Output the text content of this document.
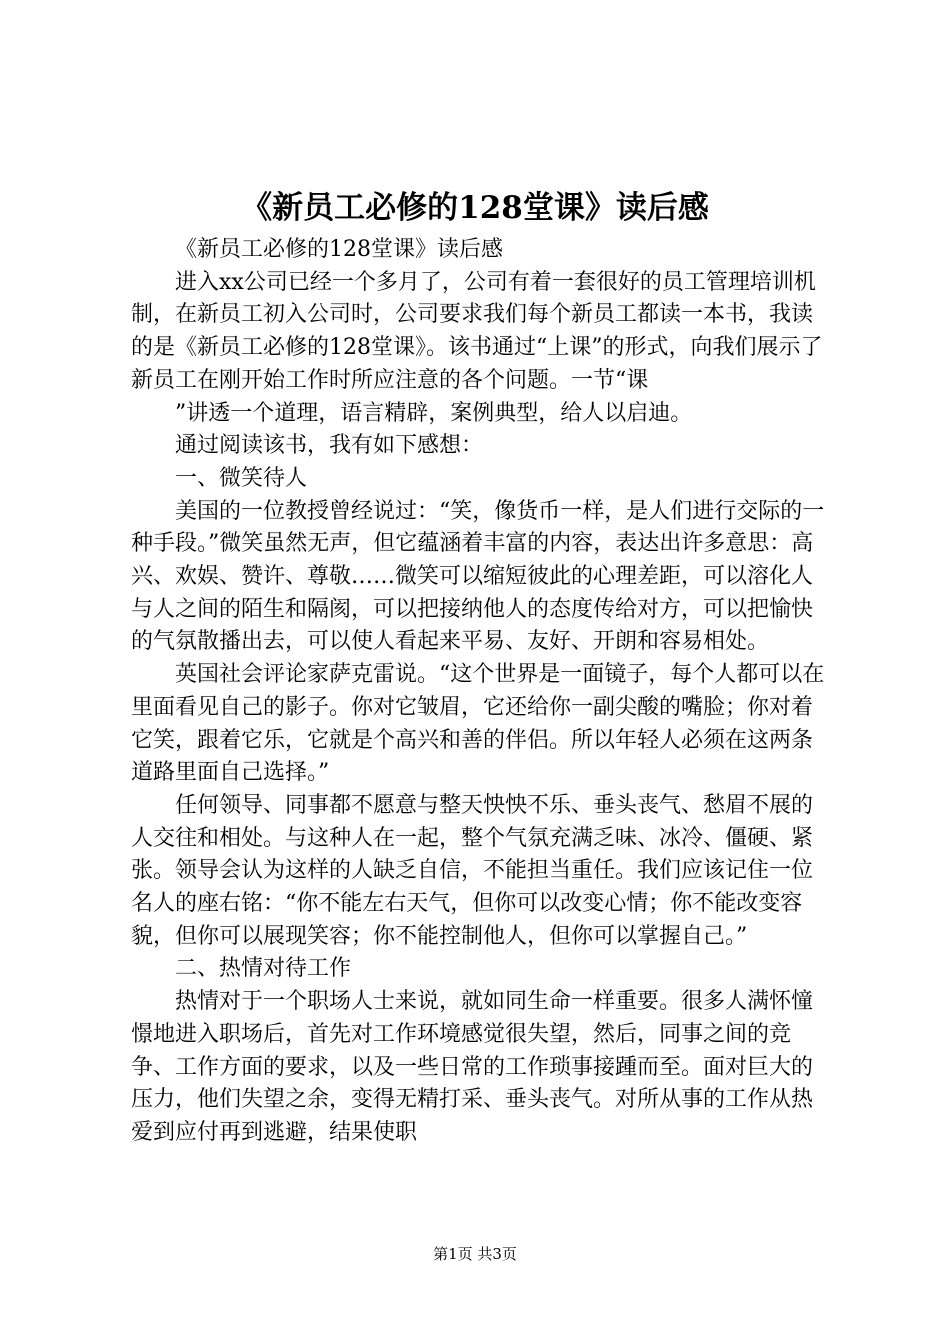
《新员工必修的128堂课》读后感

《新员工必修的128堂课》读后感

进入xx公司已经一个多月了，公司有着一套很好的员工管理培训机制，在新员工初入公司时，公司要求我们每个新员工都读一本书，我读的是《新员工必修的128堂课》。该书通过“上课”的形式，向我们展示了新员工在刚开始工作时所应注意的各个问题。一节“课

”讲透一个道理，语言精辟，案例典型，给人以启迪。

通过阅读该书，我有如下感想：

一、微笑待人

美国的一位教授曾经说过：“笑，像货币一样，是人们进行交际的一种手段。”微笑虽然无声，但它蕴涵着丰富的内容，表达出许多意思：高兴、欢娱、赞许、尊敬……微笑可以缩短彼此的心理差距，可以溶化人与人之间的陌生和隔阂，可以把接纳他人的态度传给对方，可以把愉快的气氛散播出去，可以使人看起来平易、友好、开朗和容易相处。

英国社会评论家萨克雷说。“这个世界是一面镜子，每个人都可以在里面看见自己的影子。你对它皱眉，它还给你一副尖酸的嘴脸；你对着它笑，跟着它乐，它就是个高兴和善的伴侣。所以年轻人必须在这两条道路里面自己选择。”

任何领导、同事都不愿意与整天怏怏不乐、垂头丧气、愁眉不展的人交往和相处。与这种人在一起，整个气氛充满乏味、冰冷、僵硬、紧张。领导会认为这样的人缺乏自信，不能担当重任。我们应该记住一位名人的座右铭：“你不能左右天气，但你可以改变心情；你不能改变容貌，但你可以展现笑容；你不能控制他人，但你可以掌握自己。”

二、热情对待工作

热情对于一个职场人士来说，就如同生命一样重要。很多人满怀憧憬地进入职场后，首先对工作环境感觉很失望，然后，同事之间的竞争、工作方面的要求，以及一些日常的工作琐事接踵而至。面对巨大的压力，他们失望之余，变得无精打采、垂头丧气。对所从事的工作从热爱到应付再到逃避，结果使职

第1页 共3页
